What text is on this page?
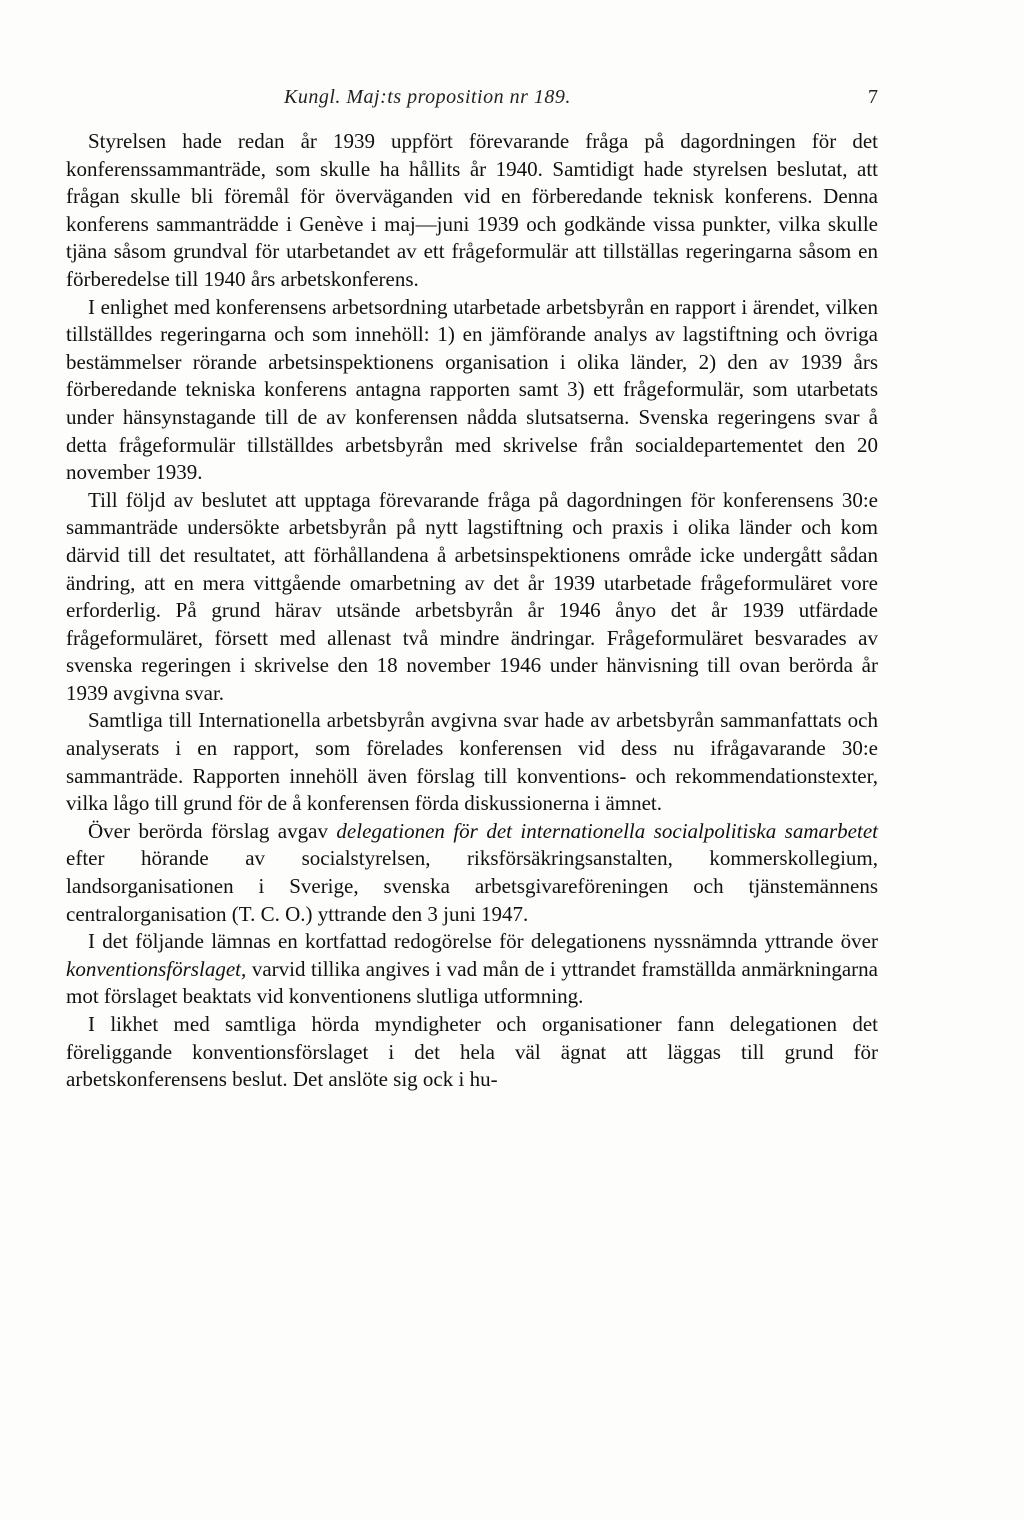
Kungl. Maj:ts proposition nr 189.	7

Styrelsen hade redan år 1939 uppfört förevarande fråga på dagordningen för det konferenssammanträde, som skulle ha hållits år 1940. Samtidigt hade styrelsen beslutat, att frågan skulle bli föremål för överväganden vid en förberedande teknisk konferens. Denna konferens sammanträdde i Genève i maj—juni 1939 och godkände vissa punkter, vilka skulle tjäna såsom grundval för utarbetandet av ett frågeformulär att tillställas regeringarna såsom en förberedelse till 1940 års arbetskonferens.

I enlighet med konferensens arbetsordning utarbetade arbetsbyrån en rapport i ärendet, vilken tillställdes regeringarna och som innehöll: 1) en jämförande analys av lagstiftning och övriga bestämmelser rörande arbetsinspektionens organisation i olika länder, 2) den av 1939 års förberedande tekniska konferens antagna rapporten samt 3) ett frågeformulär, som utarbetats under hänsynstagande till de av konferensen nådda slutsatserna. Svenska regeringens svar å detta frågeformulär tillställdes arbetsbyrån med skrivelse från socialdepartementet den 20 november 1939.

Till följd av beslutet att upptaga förevarande fråga på dagordningen för konferensens 30:e sammanträde undersökte arbetsbyrån på nytt lagstiftning och praxis i olika länder och kom därvid till det resultatet, att förhållandena å arbetsinspektionens område icke undergått sådan ändring, att en mera vittgående omarbetning av det år 1939 utarbetade frågeformuläret vore erforderlig. På grund härav utsände arbetsbyrån år 1946 ånyo det år 1939 utfärdade frågeformuläret, försett med allenast två mindre ändringar. Frågeformuläret besvarades av svenska regeringen i skrivelse den 18 november 1946 under hänvisning till ovan berörda år 1939 avgivna svar.

Samtliga till Internationella arbetsbyrån avgivna svar hade av arbetsbyrån sammanfattats och analyserats i en rapport, som förelades konferensen vid dess nu ifrågavarande 30:e sammanträde. Rapporten innehöll även förslag till konventions- och rekommendationstexter, vilka lågo till grund för de å konferensen förda diskussionerna i ämnet.

Över berörda förslag avgav delegationen för det internationella socialpolitiska samarbetet efter hörande av socialstyrelsen, riksförsäkringsanstalten, kommerskollegium, landsorganisationen i Sverige, svenska arbetsgivareföreningen och tjänstemännens centralorganisation (T. C. O.) yttrande den 3 juni 1947.

I det följande lämnas en kortfattad redogörelse för delegationens nyssnämnda yttrande över konventionsförslaget, varvid tillika angives i vad mån de i yttrandet framställda anmärkningarna mot förslaget beaktats vid konventionens slutliga utformning.

I likhet med samtliga hörda myndigheter och organisationer fann delegationen det föreliggande konventionsförslaget i det hela väl ägnat att läggas till grund för arbetskonferensens beslut. Det anslöte sig ock i hu-
